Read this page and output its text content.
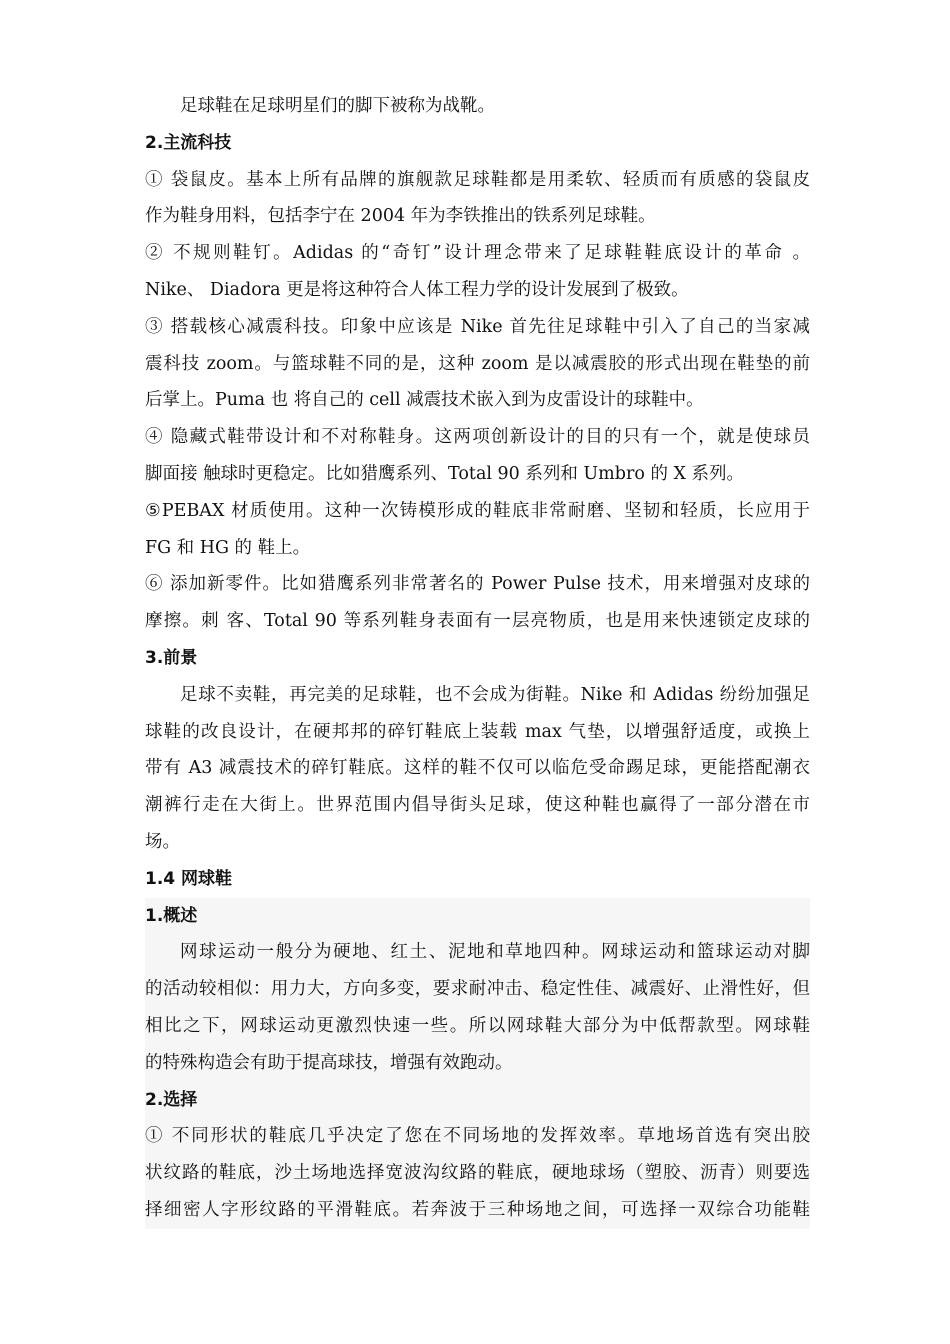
足球鞋在足球明星们的脚下被称为战靴。
2.主流科技
① 袋鼠皮。基本上所有品牌的旗舰款足球鞋都是用柔软、轻质而有质感的袋鼠皮
作为鞋身用料，包括李宁在 2004 年为李铁推出的铁系列足球鞋。
② 不规则鞋钉。Adidas 的“奇钉”设计理念带来了足球鞋鞋底设计的革命 。
Nike、 Diadora 更是将这种符合人体工程力学的设计发展到了极致。
③ 搭载核心减震科技。印象中应该是 Nike 首先往足球鞋中引入了自己的当家减
震科技 zoom。与篮球鞋不同的是，这种 zoom 是以减震胶的形式出现在鞋垫的前
后掌上。Puma 也 将自己的 cell 减震技术嵌入到为皮雷设计的球鞋中。
④ 隐藏式鞋带设计和不对称鞋身。这两项创新设计的目的只有一个，就是使球员
脚面接 触球时更稳定。比如猎鹰系列、Total 90 系列和 Umbro 的 X 系列。
⑤PEBAX 材质使用。这种一次铸模形成的鞋底非常耐磨、坚韧和轻质，长应用于
FG 和 HG 的 鞋上。
⑥ 添加新零件。比如猎鹰系列非常著名的 Power Pulse 技术，用来增强对皮球的
摩擦。刺 客、Total 90 等系列鞋身表面有一层亮物质，也是用来快速锁定皮球的
3.前景
足球不卖鞋，再完美的足球鞋，也不会成为街鞋。Nike 和 Adidas 纷纷加强足
球鞋的改良设计，在硬邦邦的碎钉鞋底上装载 max 气垫，以增强舒适度，或换上
带有 A3 减震技术的碎钉鞋底。这样的鞋不仅可以临危受命踢足球，更能搭配潮衣
潮裤行走在大街上。世界范围内倡导街头足球，使这种鞋也赢得了一部分潜在市
场。
1.4 网球鞋
1.概述
网球运动一般分为硬地、红土、泥地和草地四种。网球运动和篮球运动对脚
的活动较相似：用力大，方向多变，要求耐冲击、稳定性佳、减震好、止滑性好，但
相比之下，网球运动更激烈快速一些。所以网球鞋大部分为中低帮款型。网球鞋
的特殊构造会有助于提高球技，增强有效跑动。
2.选择
① 不同形状的鞋底几乎决定了您在不同场地的发挥效率。草地场首选有突出胶
状纹路的鞋底，沙土场地选择宽波沟纹路的鞋底，硬地球场（塑胶、沥青）则要选
择细密人字形纹路的平滑鞋底。若奔波于三种场地之间，可选择一双综合功能鞋
